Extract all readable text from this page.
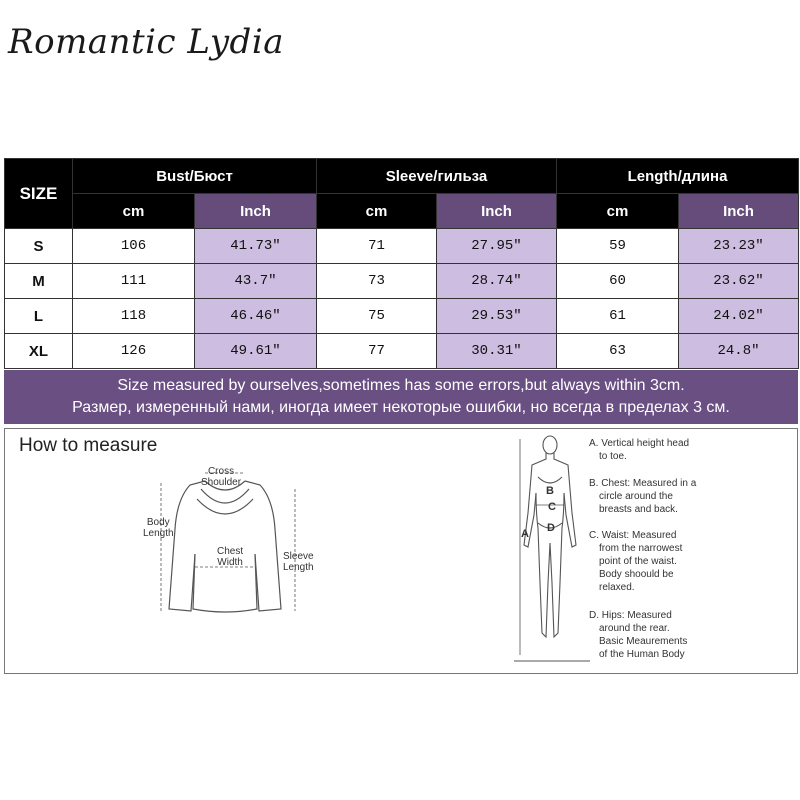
Romantic Lydia
SIZE	Bust/Бюст		Sleeve/гильза		Length/длина	
	cm	Inch	cm	Inch	cm	Inch
S	106	41.73"	71	27.95"	59	23.23"
M	111	43.7"	73	28.74"	60	23.62"
L	118	46.46"	75	29.53"	61	24.02"
XL	126	49.61"	77	30.31"	63	24.8"
Size measured by ourselves,sometimes has some errors,but always within 3cm.
Размер, измеренный нами, иногда имеет некоторые ошибки, но всегда в пределах 3 см.
How to measure
Cross
Shoulder
Body
Length
Chest
Width
Sleeve
Length
A
B
C
D
A. Vertical height head
to toe.
B. Chest: Measured in a
circle around the
breasts and back.
C. Waist: Measured
from the narrowest
point of the waist.
Body shoould be
relaxed.
D. Hips: Measured
around the rear.
Basic Meaurements
of the Human Body
